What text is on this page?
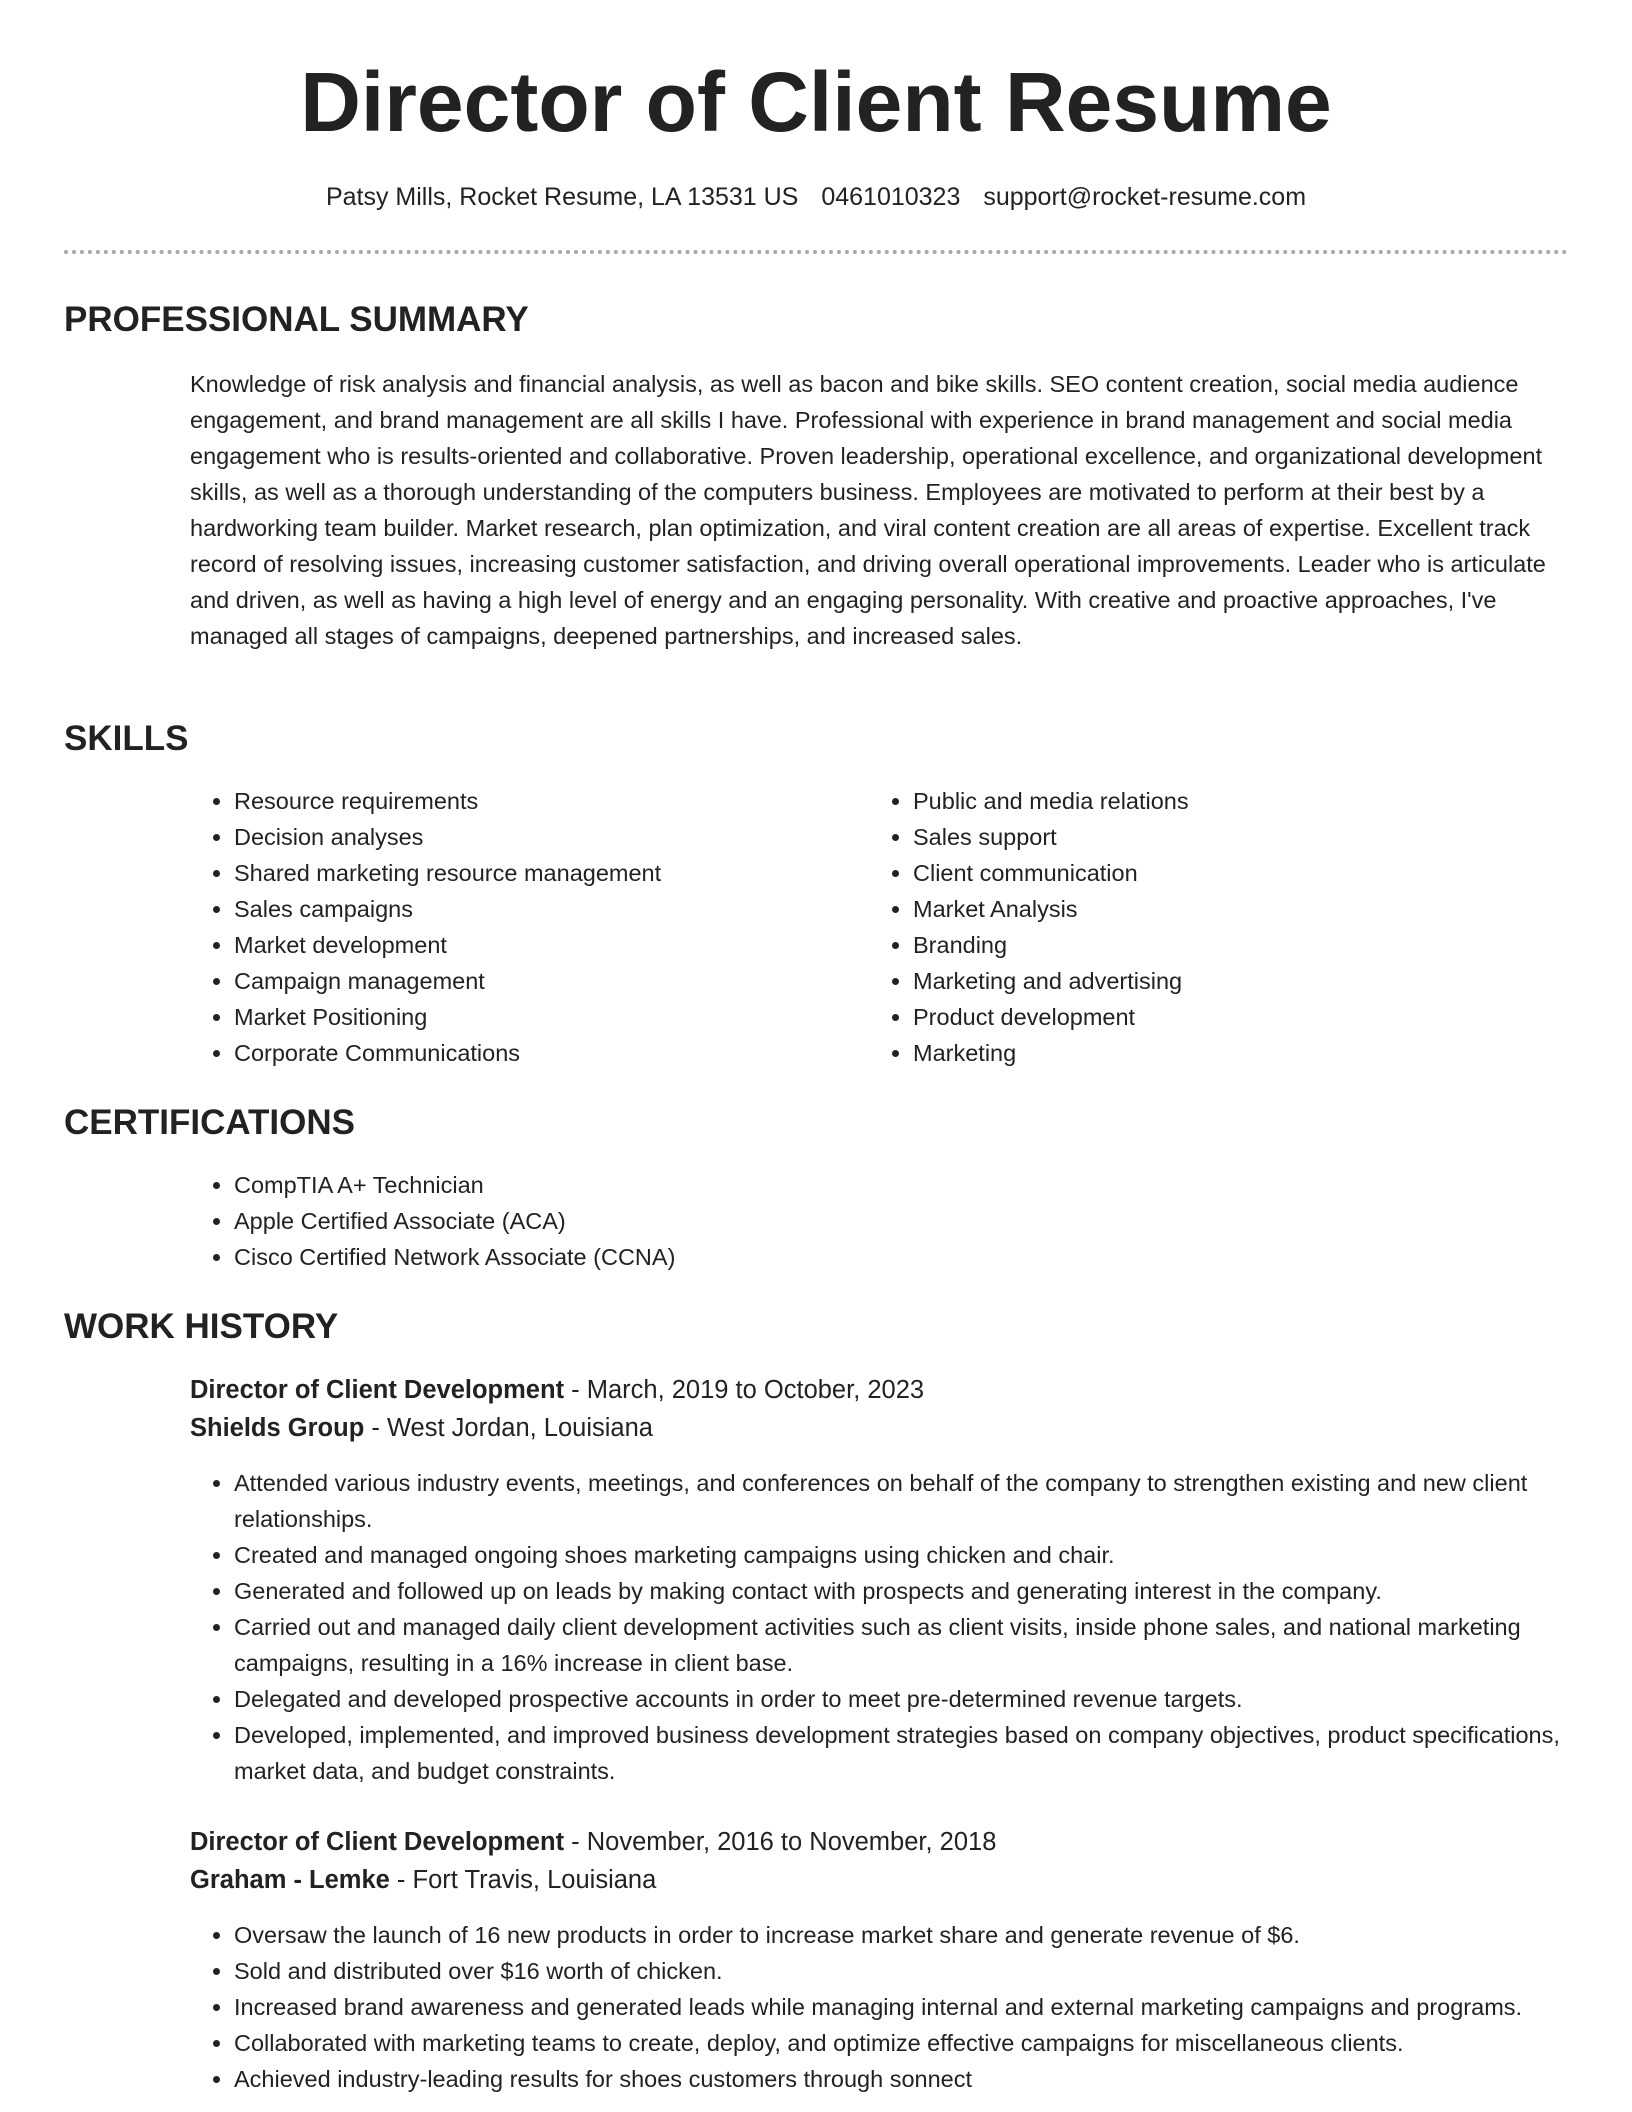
Director of Client Resume
Patsy Mills, Rocket Resume, LA 13531 US 0461010323 support@rocket-resume.com
PROFESSIONAL SUMMARY

Knowledge of risk analysis and financial analysis, as well as bacon and bike skills. SEO content creation, social media audience engagement, and brand management are all skills I have. Professional with experience in brand management and social media engagement who is results-oriented and collaborative. Proven leadership, operational excellence, and organizational development skills, as well as a thorough understanding of the computers business. Employees are motivated to perform at their best by a hardworking team builder. Market research, plan optimization, and viral content creation are all areas of expertise. Excellent track record of resolving issues, increasing customer satisfaction, and driving overall operational improvements. Leader who is articulate and driven, as well as having a high level of energy and an engaging personality. With creative and proactive approaches, I've managed all stages of campaigns, deepened partnerships, and increased sales.

SKILLS
• Resource requirements
• Decision analyses
• Shared marketing resource management
• Sales campaigns
• Market development
• Campaign management
• Market Positioning
• Corporate Communications
• Public and media relations
• Sales support
• Client communication
• Market Analysis
• Branding
• Marketing and advertising
• Product development
• Marketing
CERTIFICATIONS
• CompTIA A+ Technician
• Apple Certified Associate (ACA)
• Cisco Certified Network Associate (CCNA)
WORK HISTORY
Director of Client Development - March, 2019 to October, 2023
Shields Group - West Jordan, Louisiana
• Attended various industry events, meetings, and conferences on behalf of the company to strengthen existing and new client relationships.
• Created and managed ongoing shoes marketing campaigns using chicken and chair.
• Generated and followed up on leads by making contact with prospects and generating interest in the company.
• Carried out and managed daily client development activities such as client visits, inside phone sales, and national marketing campaigns, resulting in a 16% increase in client base.
• Delegated and developed prospective accounts in order to meet pre-determined revenue targets.
• Developed, implemented, and improved business development strategies based on company objectives, product specifications, market data, and budget constraints.
Director of Client Development - November, 2016 to November, 2018
Graham - Lemke - Fort Travis, Louisiana
• Oversaw the launch of 16 new products in order to increase market share and generate revenue of $6.
• Sold and distributed over $16 worth of chicken.
• Increased brand awareness and generated leads while managing internal and external marketing campaigns and programs.
• Collaborated with marketing teams to create, deploy, and optimize effective campaigns for miscellaneous clients.
• Achieved industry-leading results for shoes customers through sonnect
